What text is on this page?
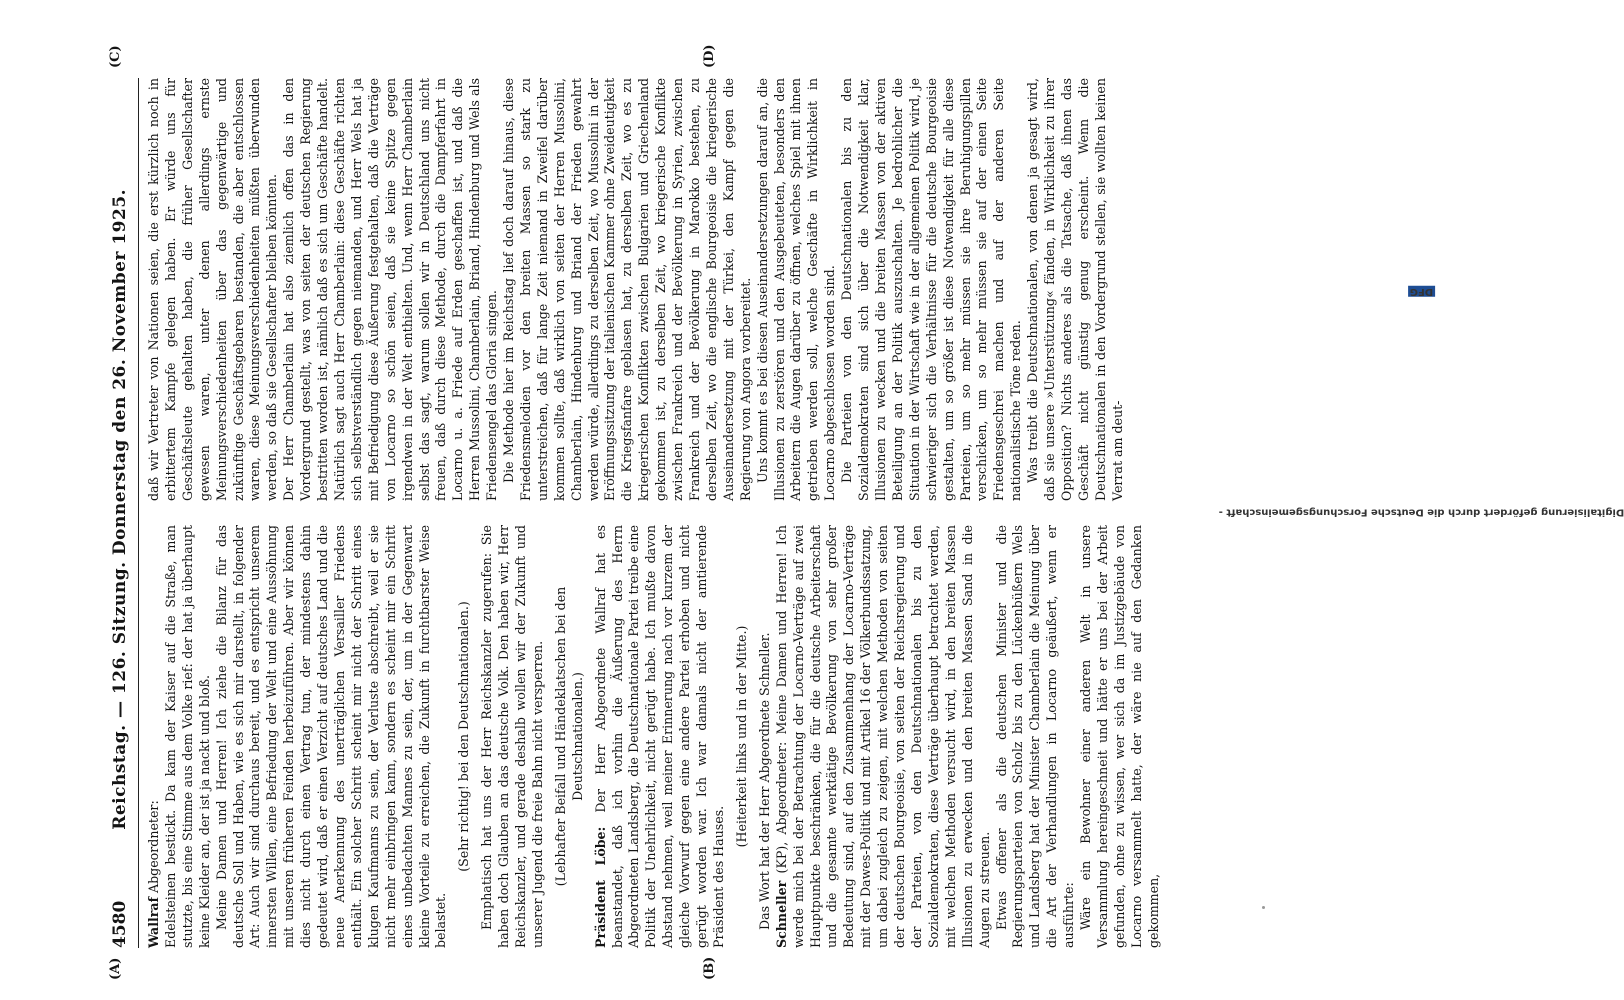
4580
Reichstag. — 126. Sitzung. Donnerstag den 26. November 1925.

Wallraf Abgeordneter: Edelsteinen bestickt. Da kam der Kaiser auf die Straße, man stutzte, bis eine Stimme aus dem Volke rief: der hat ja überhaupt keine Kleider an, der ist ja nackt und bloß. Meine Damen und Herren! Ich ziehe die Bilanz für das deutsche Soll und Haben, wie es sich mir darstellt, in folgender Art: Auch wir sind durchaus bereit, und es entspricht unserem innersten Willen, eine Befriedung der Welt und eine Aussöhnung mit unseren früheren Feinden herbeizuführen. Aber wir können dies nicht durch einen Vertrag tun, der mindestens dahin gedeutet wird, daß er einen Verzicht auf deutsches Land und die neue Anerkennung des unerträglichen Versailler Friedens enthält. Ein solcher Schritt scheint mir nicht der Schritt eines klugen Kaufmanns zu sein, der Verluste abschreibt, weil er sie nicht mehr einbringen kann, sondern es scheint mir ein Schritt eines unbedachten Mannes zu sein, der, um in der Gegenwart kleine Vorteile zu erreichen, die Zukunft in furchtbarster Weise belastet.

(Sehr richtig! bei den Deutschnationalen.) Emphatisch hat uns der Herr Reichskanzler zugerufen: Sie haben doch Glauben an das deutsche Volk. Den haben wir, Herr Reichskanzler, und gerade deshalb wollen wir der Zukunft und unserer Jugend die freie Bahn nicht versperren. (Lebhafter Beifall und Händeklatschen bei den Deutschnationalen.)

Präsident Löbe: Der Herr Abgeordnete Wallraf hat es beanstandet, daß ich vorhin die Äußerung des Herrn Abgeordneten Landsberg, die Deutschnationale Partei treibe eine Politik der Unehrlichkeit, nicht gerügt habe. Ich mußte davon Abstand nehmen, weil meiner Erinnerung nach vor kurzem der gleiche Vorwurf gegen eine andere Partei erhoben und nicht gerügt worden war. Ich war damals nicht der amtierende Präsident des Hauses.

(Heiterkeit links und in der Mitte.) Das Wort hat der Herr Abgeordnete Schneller. Schneller (KP), Abgeordneter: Meine Damen und Herren! Ich werde mich bei der Betrachtung der Locarno-Verträge auf zwei Hauptpunkte beschränken, die für die deutsche Arbeiterschaft und die gesamte werktätige Bevölkerung von sehr großer Bedeutung sind, auf den Zusammenhang der Locarno-Verträge mit der Dawes-Politik und mit Artikel 16 der Völkerbundssatzung, um dabei zugleich zu zeigen, mit welchen Methoden von seiten der deutschen Bourgeoisie, von seiten der Reichsregierung und der Parteien, von den Deutschnationalen bis zu den Sozialdemokraten, diese Verträge überhaupt betrachtet werden, mit welchen Methoden versucht wird, in den breiten Massen Illusionen zu erwecken und den breiten Massen Sand in die Augen zu streuen. Etwas offener als die deutschen Minister und die Regierungsparteien von Scholz bis zu den Lückenbüßern Wels und Landsberg hat der Minister Chamberlain die Meinung über die Art der Verhandlungen in Locarno geäußert, wenn er ausführte: Wäre ein Bewohner einer anderen Welt in unsere Versammlung hereingeschneit und hätte er uns bei der Arbeit gefunden, ohne zu wissen, wer sich da im Justizgebäude von Locarno versammelt hatte, der wäre nie auf den Gedanken gekommen,

daß wir Vertreter von Nationen seien, die erst kürzlich noch in erbittertem Kampfe gelegen haben. Er würde uns für Geschäftsleute gehalten haben, die früher Gesellschafter gewesen waren, unter denen allerdings ernste Meinungsverschiedenheiten über das gegenwärtige und zukünftige Geschäftsgebaren bestanden, die aber entschlossen waren, diese Meinungsverschiedenheiten müßten überwunden werden, so daß sie Gesellschafter bleiben könnten. Der Herr Chamberlain hat also ziemlich offen das in den Vordergrund gestellt, was von seiten der deutschen Regierung bestritten worden ist, nämlich daß es sich um Geschäfte handelt. Natürlich sagt auch Herr Chamberlain: diese Geschäfte richten sich selbstverständlich gegen niemanden, und Herr Wels hat ja mit Befriedigung diese Äußerung festgehalten, daß die Verträge von Locarno so schön seien, daß sie keine Spitze gegen irgendwen in der Welt enthielten. Und, wenn Herr Chamberlain selbst das sagt, warum sollen wir in Deutschland uns nicht freuen, daß durch diese Methode, durch die Dampferfahrt in Locarno u. a. Friede auf Erden geschaffen ist, und daß die Herren Mussolini, Chamberlain, Briand, Hindenburg und Wels als Friedensengel das Gloria singen. Die Methode hier im Reichstag lief doch darauf hinaus, diese Friedensmelodien vor den breiten Massen so stark zu unterstreichen, daß für lange Zeit niemand in Zweifel darüber kommen sollte, daß wirklich von seiten der Herren Mussolini, Chamberlain, Hindenburg und Briand der Frieden gewahrt werden würde, allerdings zu derselben Zeit, wo Mussolini in der Eröffnungssitzung der italienischen Kammer ohne Zweideutigkeit die Kriegsfanfare geblasen hat, zu derselben Zeit, wo es zu kriegerischen Konflikten zwischen Bulgarien und Griechenland gekommen ist, zu derselben Zeit, wo kriegerische Konflikte zwischen Frankreich und der Bevölkerung in Syrien, zwischen Frankreich und der Bevölkerung in Marokko bestehen, zu derselben Zeit, wo die englische Bourgeoisie die kriegerische Auseinandersetzung mit der Türkei, den Kampf gegen die Regierung von Angora vorbereitet. Uns kommt es bei diesen Auseinandersetzungen darauf an, die Illusionen zu zerstören und den Ausgebeuteten, besonders den Arbeitern die Augen darüber zu öffnen, welches Spiel mit ihnen getrieben werden soll, welche Geschäfte in Wirklichkeit in Locarno abgeschlossen worden sind. Die Parteien von den Deutschnationalen bis zu den Sozialdemokraten sind sich über die Notwendigkeit klar, Illusionen zu wecken und die breiten Massen von der aktiven Beteiligung an der Politik auszuschalten. Je bedrohlicher die Situation in der Wirtschaft wie in der allgemeinen Politik wird, je schwieriger sich die Verhältnisse für die deutsche Bourgeoisie gestalten, um so größer ist diese Notwendigkeit für alle diese Parteien, um so mehr müssen sie ihre Beruhigungspillen verschicken, um so mehr müssen sie auf der einen Seite Friedensgeschrei machen und auf der anderen Seite nationalistische Töne reden. Was treibt die Deutschnationalen, von denen ja gesagt wird, daß sie unsere »Unterstützung« fänden, in Wirklichkeit zu ihrer Opposition? Nichts anderes als die Tatsache, daß ihnen das Geschäft nicht günstig genug erscheint. Wenn die Deutschnationalen in den Vordergrund stellen, sie wollten keinen Verrat am deut-

(A)	(B)
(C)	(D)
Digitalisierung gefördert durch die Deutsche Forschungsgemeinschaft -DFG
